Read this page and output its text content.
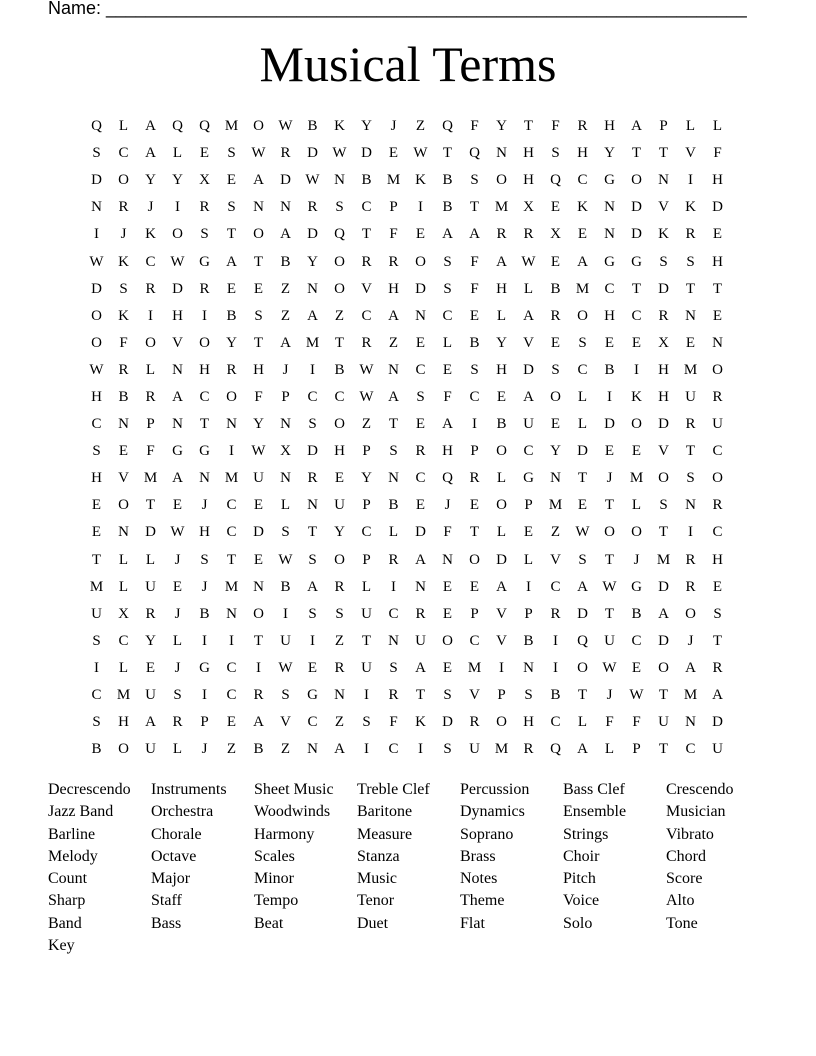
Name: ________________________________________________________________
Musical Terms
Q	L	A	Q	Q M O W B	K	Y	J	Z	Q	F	Y	T	F	R	H	A	P	L	L
S	C	A	L	E	S	W R	D W D	E	W	T	Q	N	H	S	H	Y	T	T	V	F
D	O	Y	Y	X	E	A	D W N	B	M K	B	S	O	H	Q	C	G	O	N	I	H
N	R	J	I	R	S	N	N	R	S	C	P	I	B	T	M X	E	K	N	D	V	K	D
I	J	K	O	S	T	O	A	D	Q	T	F	E	A	A	R	R	X	E	N	D	K	R	E
W K	C W G	A	T	B	Y	O	R	R	O	S	F	A W	E	A	G	G	S	S	H
D	S	R	D	R	E	E	Z	N	O	V	H	D	S	F	H	L	B	M	C	T	D	T	T
O	K	I	H	I	B	S	Z	A	Z	C	A	N	C	E	L	A	R	O	H	C	R	N	E
O	F	O	V	O	Y	T	A M	T	R	Z	E	L	B	Y	V	E	S	E	E	X	E	N
W R	L	N	H	R	H	J	I	B W N	C	E	S	H	D	S	C	B	I	H M O
H	B	R	A	C	O	F	P	C	C W A	S	F	C	E	A	O	L	I	K	H	U	R
C	N	P	N	T	N	Y	N	S	O	Z	T	E	A	I	B	U	E	L	D	O	D	R	U
S	E	F	G	G	I	W X	D	H	P	S	R	H	P	O	C	Y	D	E	E	V	T	C
H	V M A	N M U	N	R	E	Y	N	C	Q	R	L	G	N	T	J	M O	S	O
E	O	T	E	J	C	E	L	N	U	P	B	E	J	E	O	P	M	E	T	L	S	N	R
E	N	D W H	C	D	S	T	Y	C	L	D	F	T	L	E	Z	W O	O	T	I	C
T	L	L	J	S	T	E	W	S	O	P	R	A	N	O	D	L	V	S	T	J	M	R	H
M	L	U	E	J	M N	B	A	R	L	I	N	E	E	A	I	C	A W G	D	R	E
U	X	R	J	B	N	O	I	S	S	U	C	R	E	P	V	P	R	D	T	B	A	O	S
S	C	Y	L	I	I	T	U	I	Z	T	N	U	O	C	V	B	I	Q	U	C	D	J	T
I	L	E	J	G	C	I	W	E	R	U	S	A	E	M	I	N	I	O W	E	O	A	R
C	M U	S	I	C	R	S	G	N	I	R	T	S	V	P	S	B	T	J	W	T	M A
S	H	A	R	P	E	A	V	C	Z	S	F	K	D	R	O	H	C	L	F	F	U	N	D
B	O	U	L	J	Z	B	Z	N	A	I	C	I	S	U M	R	Q	A	L	P	T	C	U
Decrescendo	Instruments	Sheet Music	Treble Clef	Percussion	Bass Clef	Crescendo
Jazz Band	Orchestra	Woodwinds	Baritone	Dynamics	Ensemble	Musician
Barline	Chorale	Harmony	Measure	Soprano	Strings	Vibrato
Melody	Octave	Scales	Stanza	Brass	Choir	Chord
Count	Major	Minor	Music	Notes	Pitch	Score
Sharp	Staff	Tempo	Tenor	Theme	Voice	Alto
Band	Bass	Beat	Duet	Flat	Solo	Tone
Key
